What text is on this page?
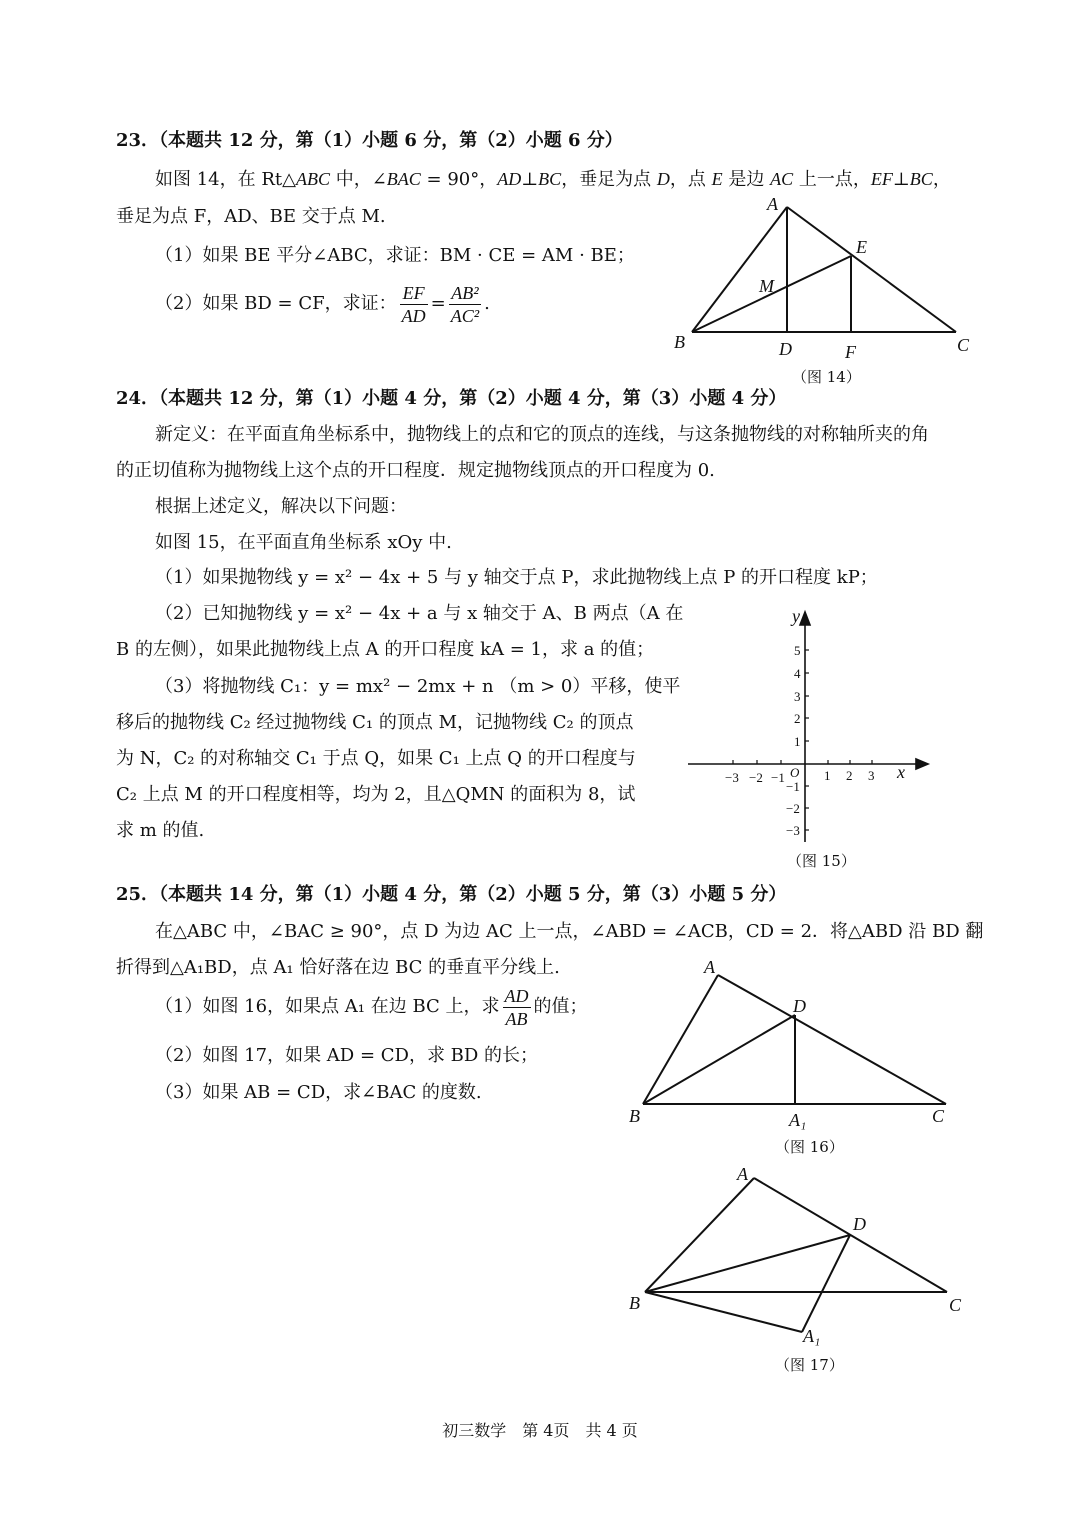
23．（本题共 12 分，第（1）小题 6 分，第（2）小题 6 分）
如图 14，在 Rt△ABC 中，∠BAC = 90°，AD⊥BC，垂足为点 D，点 E 是边 AC 上一点，EF⊥BC，
垂足为点 F，AD、BE 交于点 M.
（1）如果 BE 平分∠ABC，求证：BM · CE = AM · BE；
（2）如果 BD = CF，求证： $\frac{EF}{AD} = \frac{\text{AB²}}{\text{AC²}}$ .
A
B	C
D
E
F
M
（图 14）
y
x
O
−3 −2 −1	1 2 3
5
4
3
2
1
−1
−2
−3
（图 15）
A
D
B	A₁	C
（图 16）
A
D
B	C
A₁
（图 17）
24．（本题共 12 分，第（1）小题 4 分，第（2）小题 4 分，第（3）小题 4 分）
新定义：在平面直角坐标系中，抛物线上的点和它的顶点的连线，与这条抛物线的对称轴所夹的角
的正切值称为抛物线上这个点的开口程度．规定抛物线顶点的开口程度为 0.
根据上述定义，解决以下问题：
如图 15，在平面直角坐标系 xOy 中.
（1）如果抛物线 y = x² − 4x + 5 与 y 轴交于点 P，求此抛物线上点 P 的开口程度 kP；
（2）已知抛物线 y = x² − 4x + a 与 x 轴交于 A、B 两点（A 在
B 的左侧），如果此抛物线上点 A 的开口程度 kA = 1，求 a 的值；
（3）将抛物线 C₁：y = mx² − 2mx + n （m > 0）平移，使平
移后的抛物线 C₂ 经过抛物线 C₁ 的顶点 M，记抛物线 C₂ 的顶点
为 N，C₂ 的对称轴交 C₁ 于点 Q，如果 C₁ 上点 Q 的开口程度与
C₂ 上点 M 的开口程度相等，均为 2，且△QMN 的面积为 8，试
求 m 的值.
25．（本题共 14 分，第（1）小题 4 分，第（2）小题 5 分，第（3）小题 5 分）
在△ABC 中，∠BAC ≥ 90°，点 D 为边 AC 上一点，∠ABD = ∠ACB，CD = 2．将△ABD 沿 BD 翻
折得到△A₁BD，点 A₁ 恰好落在边 BC 的垂直平分线上.
（1）如图 16，如果点 A₁ 在边 BC 上，求 $\frac{AD}{AB}$ 的值；
（2）如图 17，如果 AD = CD，求 BD 的长；
（3）如果 AB = CD，求∠BAC 的度数.
初三数学　第 4页　共 4 页
